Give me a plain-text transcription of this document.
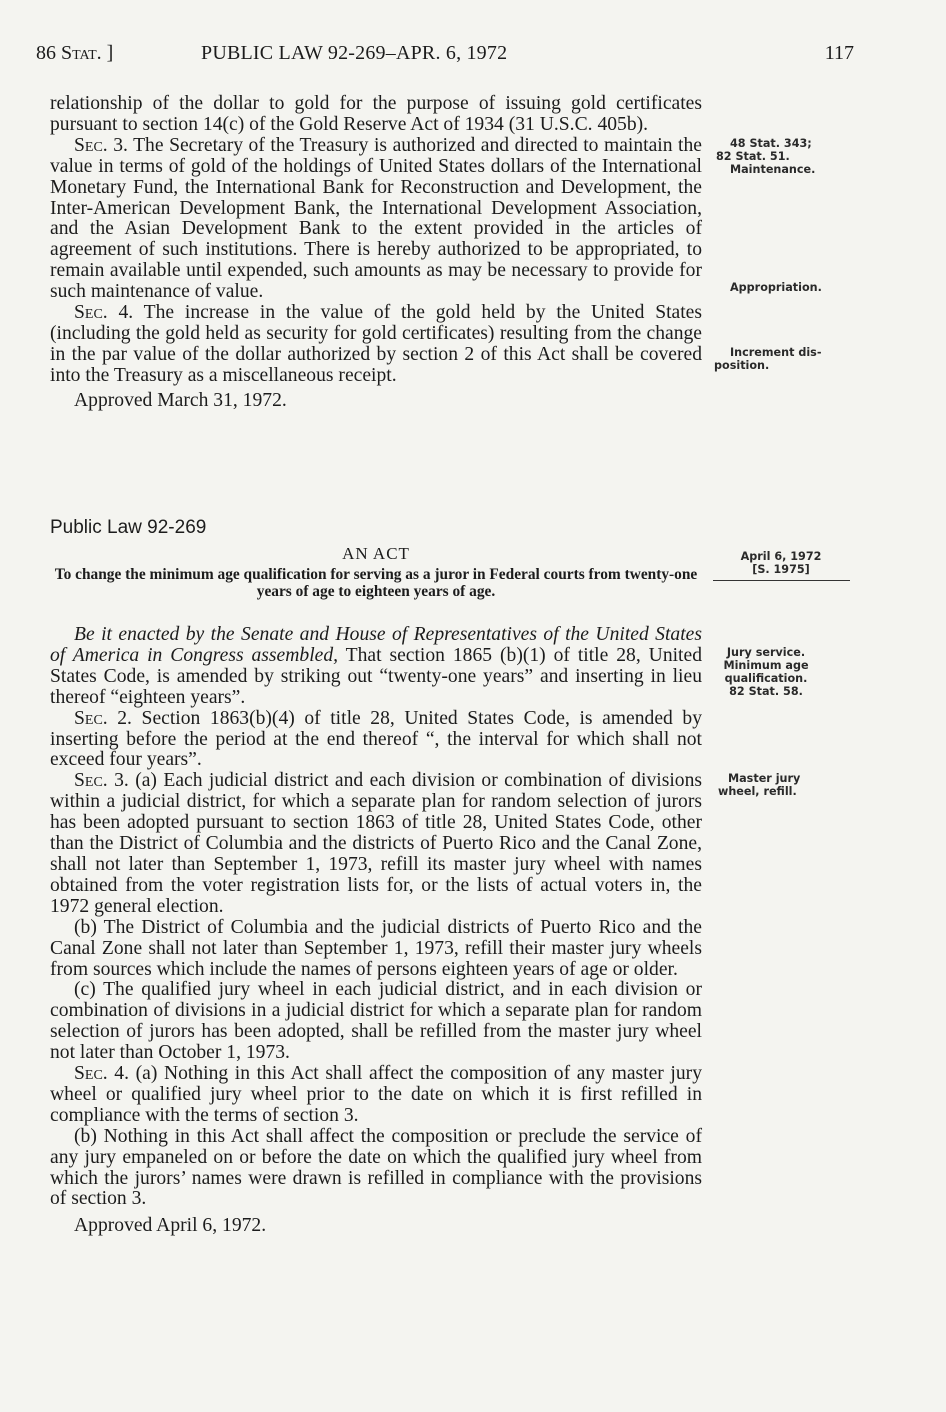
86 Stat. ]	PUBLIC LAW 92-269–APR. 6, 1972	117

relationship of the dollar to gold for the purpose of issuing gold certificates pursuant to section 14(c) of the Gold Reserve Act of 1934 (31 U.S.C. 405b).

Sec. 3. The Secretary of the Treasury is authorized and directed to maintain the value in terms of gold of the holdings of United States dollars of the International Monetary Fund, the International Bank for Reconstruction and Development, the Inter-American Development Bank, the International Development Association, and the Asian Development Bank to the extent provided in the articles of agreement of such institutions. There is hereby authorized to be appropriated, to remain available until expended, such amounts as may be necessary to provide for such maintenance of value.

Sec. 4. The increase in the value of the gold held by the United States (including the gold held as security for gold certificates) resulting from the change in the par value of the dollar authorized by section 2 of this Act shall be covered into the Treasury as a miscellaneous receipt.

Approved March 31, 1972.

Public Law 92-269
AN ACT
To change the minimum age qualification for serving as a juror in Federal courts from twenty-one years of age to eighteen years of age.

Be it enacted by the Senate and House of Representatives of the United States of America in Congress assembled, That section 1865 (b)(1) of title 28, United States Code, is amended by striking out “twenty-one years” and inserting in lieu thereof “eighteen years”.

Sec. 2. Section 1863(b)(4) of title 28, United States Code, is amended by inserting before the period at the end thereof “, the interval for which shall not exceed four years”.

Sec. 3. (a) Each judicial district and each division or combination of divisions within a judicial district, for which a separate plan for random selection of jurors has been adopted pursuant to section 1863 of title 28, United States Code, other than the District of Columbia and the districts of Puerto Rico and the Canal Zone, shall not later than September 1, 1973, refill its master jury wheel with names obtained from the voter registration lists for, or the lists of actual voters in, the 1972 general election.

(b) The District of Columbia and the judicial districts of Puerto Rico and the Canal Zone shall not later than September 1, 1973, refill their master jury wheels from sources which include the names of persons eighteen years of age or older.

(c) The qualified jury wheel in each judicial district, and in each division or combination of divisions in a judicial district for which a separate plan for random selection of jurors has been adopted, shall be refilled from the master jury wheel not later than October 1, 1973.

Sec. 4. (a) Nothing in this Act shall affect the composition of any master jury wheel or qualified jury wheel prior to the date on which it is first refilled in compliance with the terms of section 3.

(b) Nothing in this Act shall affect the composition or preclude the service of any jury empaneled on or before the date on which the qualified jury wheel from which the jurors’ names were drawn is refilled in compliance with the provisions of section 3.

Approved April 6, 1972.

48 Stat. 343;
82 Stat. 51.
Maintenance.
Appropriation.
Increment dis-
position.
April 6, 1972
[S. 1975]
Jury service.
Minimum age
qualification.
82 Stat. 58.
Master jury
wheel, refill.
